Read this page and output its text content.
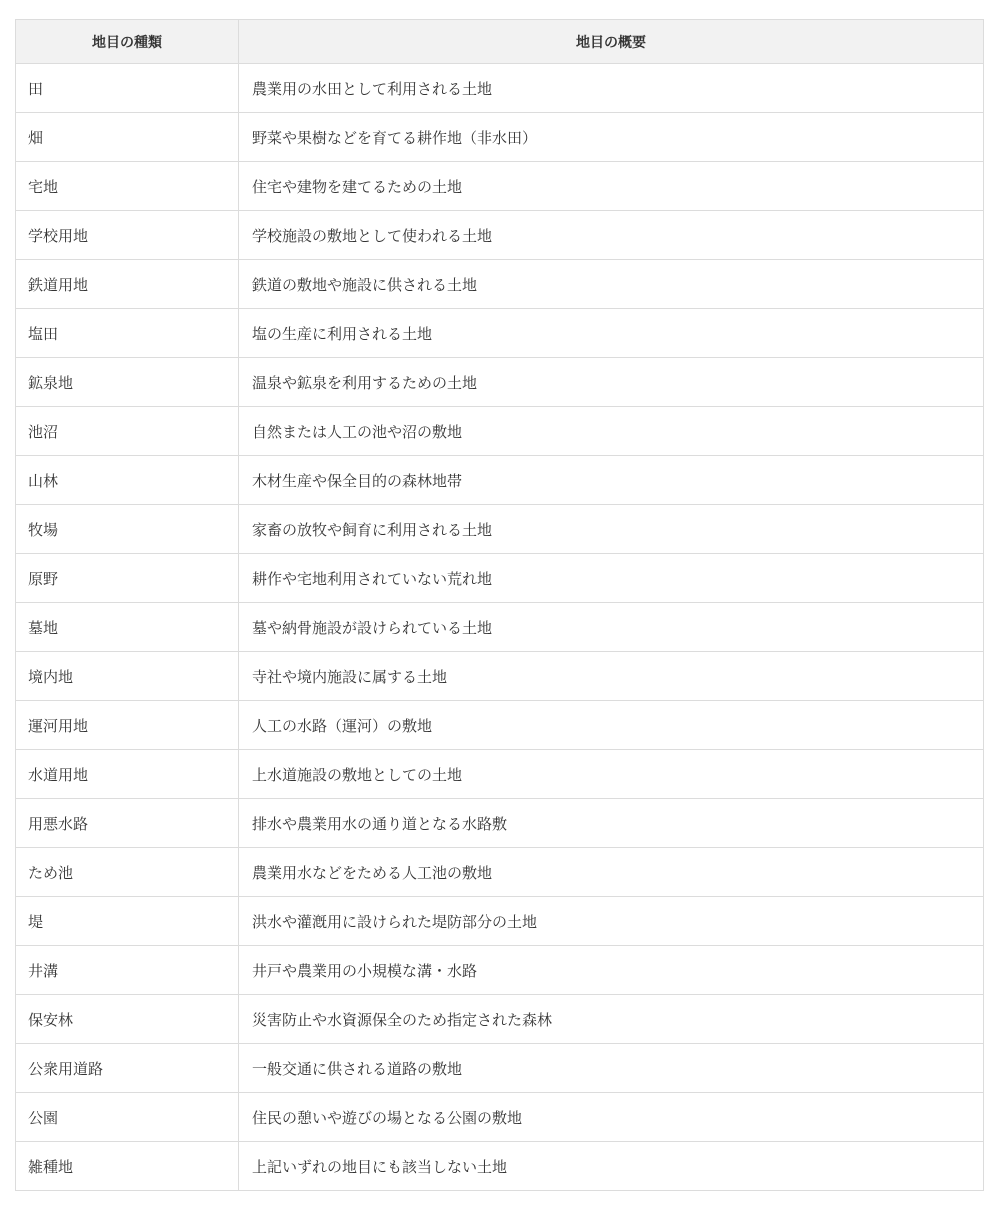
地目の種類	地目の概要
田	農業用の水田として利用される土地
畑	野菜や果樹などを育てる耕作地（非水田）
宅地	住宅や建物を建てるための土地
学校用地	学校施設の敷地として使われる土地
鉄道用地	鉄道の敷地や施設に供される土地
塩田	塩の生産に利用される土地
鉱泉地	温泉や鉱泉を利用するための土地
池沼	自然または人工の池や沼の敷地
山林	木材生産や保全目的の森林地帯
牧場	家畜の放牧や飼育に利用される土地
原野	耕作や宅地利用されていない荒れ地
墓地	墓や納骨施設が設けられている土地
境内地	寺社や境内施設に属する土地
運河用地	人工の水路（運河）の敷地
水道用地	上水道施設の敷地としての土地
用悪水路	排水や農業用水の通り道となる水路敷
ため池	農業用水などをためる人工池の敷地
堤	洪水や灌漑用に設けられた堤防部分の土地
井溝	井戸や農業用の小規模な溝・水路
保安林	災害防止や水資源保全のため指定された森林
公衆用道路	一般交通に供される道路の敷地
公園	住民の憩いや遊びの場となる公園の敷地
雑種地	上記いずれの地目にも該当しない土地
